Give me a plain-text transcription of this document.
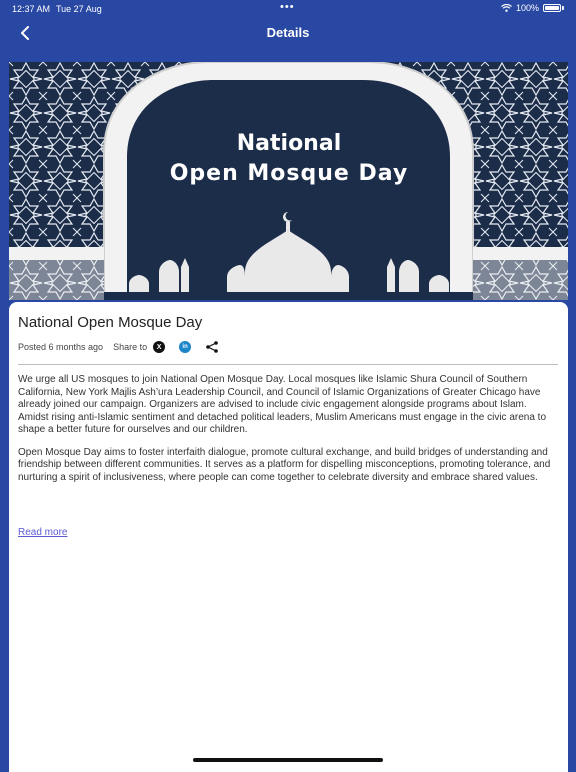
12:37 AM Tue 27 Aug	•••	100%
Details
National
Open Mosque Day
National Open Mosque Day
Posted 6 months ago Share to	X	in

We urge all US mosques to join National Open Mosque Day. Local mosques like Islamic Shura Council of Southern California, New York Majlis Ash’ura Leadership Council, and Council of Islamic Organizations of Greater Chicago have already joined our campaign. Organizers are advised to include civic engagement alongside programs about Islam. Amidst rising anti-Islamic sentiment and detached political leaders, Muslim Americans must engage in the civic arena to shape a better future for ourselves and our children.

Open Mosque Day aims to foster interfaith dialogue, promote cultural exchange, and build bridges of understanding and friendship between different communities. It serves as a platform for dispelling misconceptions, promoting tolerance, and nurturing a spirit of inclusiveness, where people can come together to celebrate diversity and embrace shared values.

Read more
